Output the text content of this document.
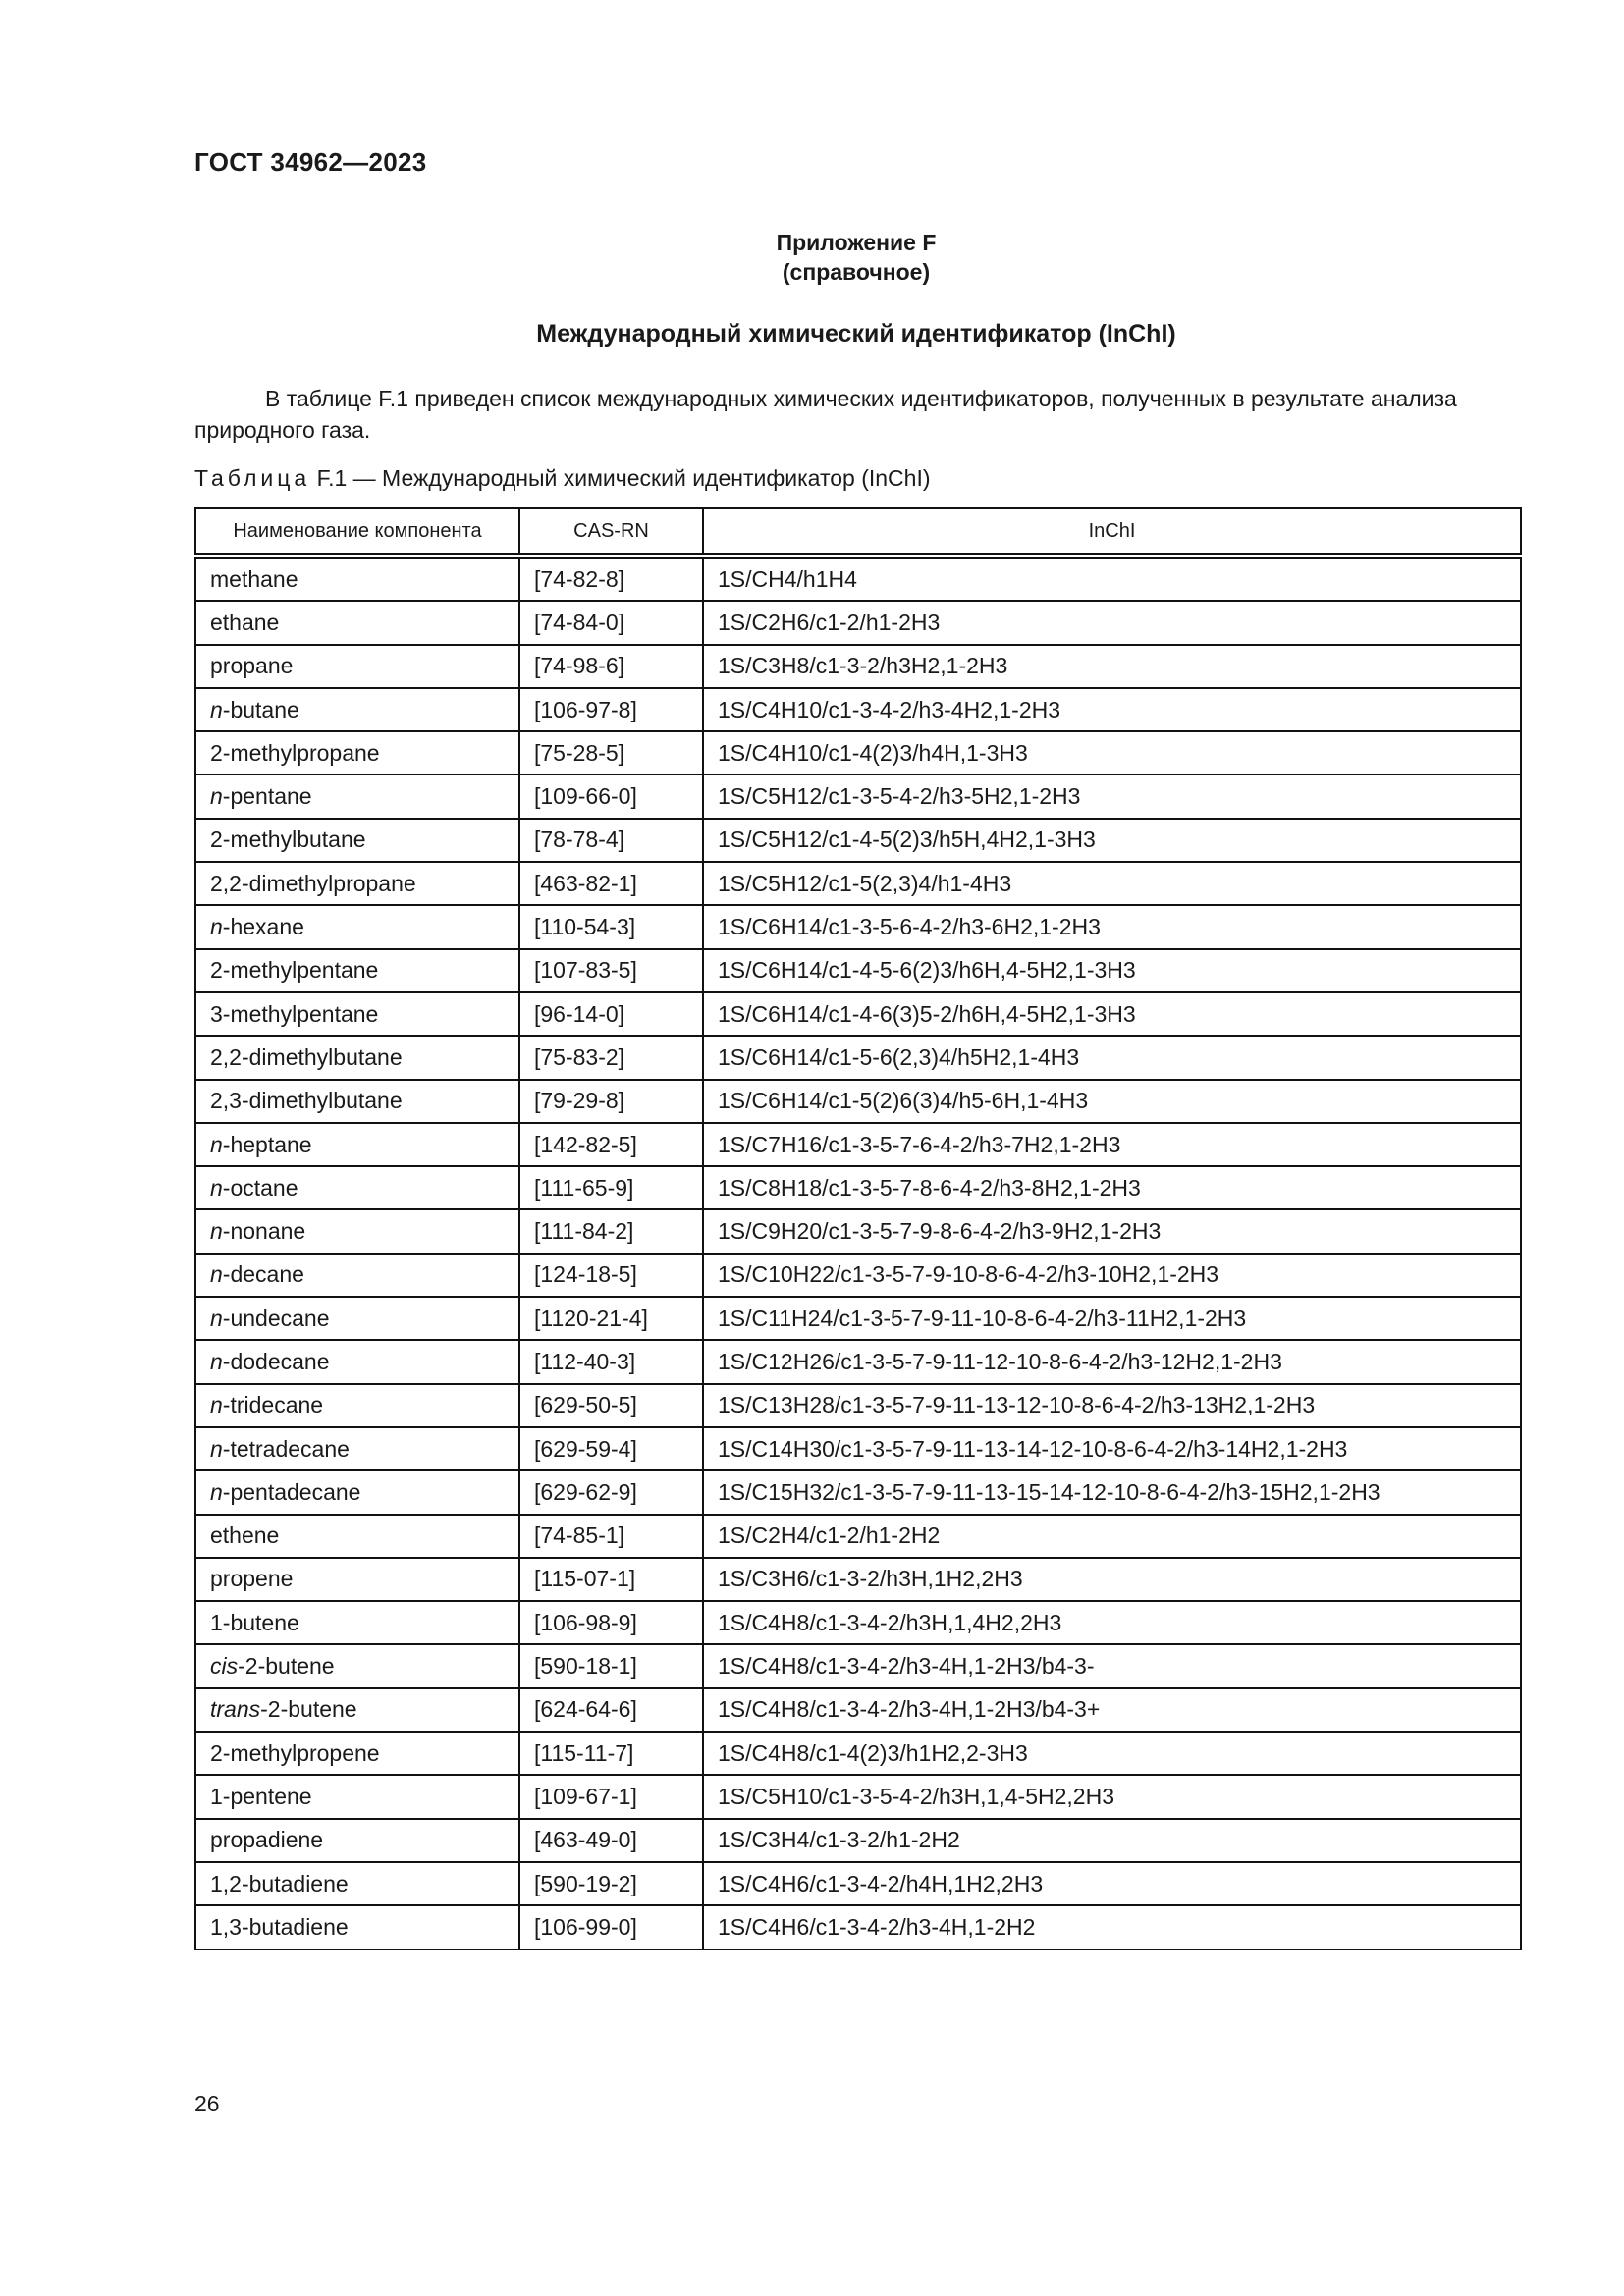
ГОСТ 34962—2023

Приложение F
(справочное)

Международный химический идентификатор (InChI)

В таблице F.1 приведен список международных химических идентификаторов, полученных в результате анализа природного газа.

Таблица F.1 — Международный химический идентификатор (InChI)

Наименование компонента	CAS-RN	InChI
methane	[74-82-8]	1S/CH4/h1H4
ethane	[74-84-0]	1S/C2H6/c1-2/h1-2H3
propane	[74-98-6]	1S/C3H8/c1-3-2/h3H2,1-2H3
n-butane	[106-97-8]	1S/C4H10/c1-3-4-2/h3-4H2,1-2H3
2-methylpropane	[75-28-5]	1S/C4H10/c1-4(2)3/h4H,1-3H3
n-pentane	[109-66-0]	1S/C5H12/c1-3-5-4-2/h3-5H2,1-2H3
2-methylbutane	[78-78-4]	1S/C5H12/c1-4-5(2)3/h5H,4H2,1-3H3
2,2-dimethylpropane	[463-82-1]	1S/C5H12/c1-5(2,3)4/h1-4H3
n-hexane	[110-54-3]	1S/C6H14/c1-3-5-6-4-2/h3-6H2,1-2H3
2-methylpentane	[107-83-5]	1S/C6H14/c1-4-5-6(2)3/h6H,4-5H2,1-3H3
3-methylpentane	[96-14-0]	1S/C6H14/c1-4-6(3)5-2/h6H,4-5H2,1-3H3
2,2-dimethylbutane	[75-83-2]	1S/C6H14/c1-5-6(2,3)4/h5H2,1-4H3
2,3-dimethylbutane	[79-29-8]	1S/C6H14/c1-5(2)6(3)4/h5-6H,1-4H3
n-heptane	[142-82-5]	1S/C7H16/c1-3-5-7-6-4-2/h3-7H2,1-2H3
n-octane	[111-65-9]	1S/C8H18/c1-3-5-7-8-6-4-2/h3-8H2,1-2H3
n-nonane	[111-84-2]	1S/C9H20/c1-3-5-7-9-8-6-4-2/h3-9H2,1-2H3
n-decane	[124-18-5]	1S/C10H22/c1-3-5-7-9-10-8-6-4-2/h3-10H2,1-2H3
n-undecane	[1120-21-4]	1S/C11H24/c1-3-5-7-9-11-10-8-6-4-2/h3-11H2,1-2H3
n-dodecane	[112-40-3]	1S/C12H26/c1-3-5-7-9-11-12-10-8-6-4-2/h3-12H2,1-2H3
n-tridecane	[629-50-5]	1S/C13H28/c1-3-5-7-9-11-13-12-10-8-6-4-2/h3-13H2,1-2H3
n-tetradecane	[629-59-4]	1S/C14H30/c1-3-5-7-9-11-13-14-12-10-8-6-4-2/h3-14H2,1-2H3
n-pentadecane	[629-62-9]	1S/C15H32/c1-3-5-7-9-11-13-15-14-12-10-8-6-4-2/h3-15H2,1-2H3
ethene	[74-85-1]	1S/C2H4/c1-2/h1-2H2
propene	[115-07-1]	1S/C3H6/c1-3-2/h3H,1H2,2H3
1-butene	[106-98-9]	1S/C4H8/c1-3-4-2/h3H,1,4H2,2H3
cis-2-butene	[590-18-1]	1S/C4H8/c1-3-4-2/h3-4H,1-2H3/b4-3-
trans-2-butene	[624-64-6]	1S/C4H8/c1-3-4-2/h3-4H,1-2H3/b4-3+
2-methylpropene	[115-11-7]	1S/C4H8/c1-4(2)3/h1H2,2-3H3
1-pentene	[109-67-1]	1S/C5H10/c1-3-5-4-2/h3H,1,4-5H2,2H3
propadiene	[463-49-0]	1S/C3H4/c1-3-2/h1-2H2
1,2-butadiene	[590-19-2]	1S/C4H6/c1-3-4-2/h4H,1H2,2H3
1,3-butadiene	[106-99-0]	1S/C4H6/c1-3-4-2/h3-4H,1-2H2

26
